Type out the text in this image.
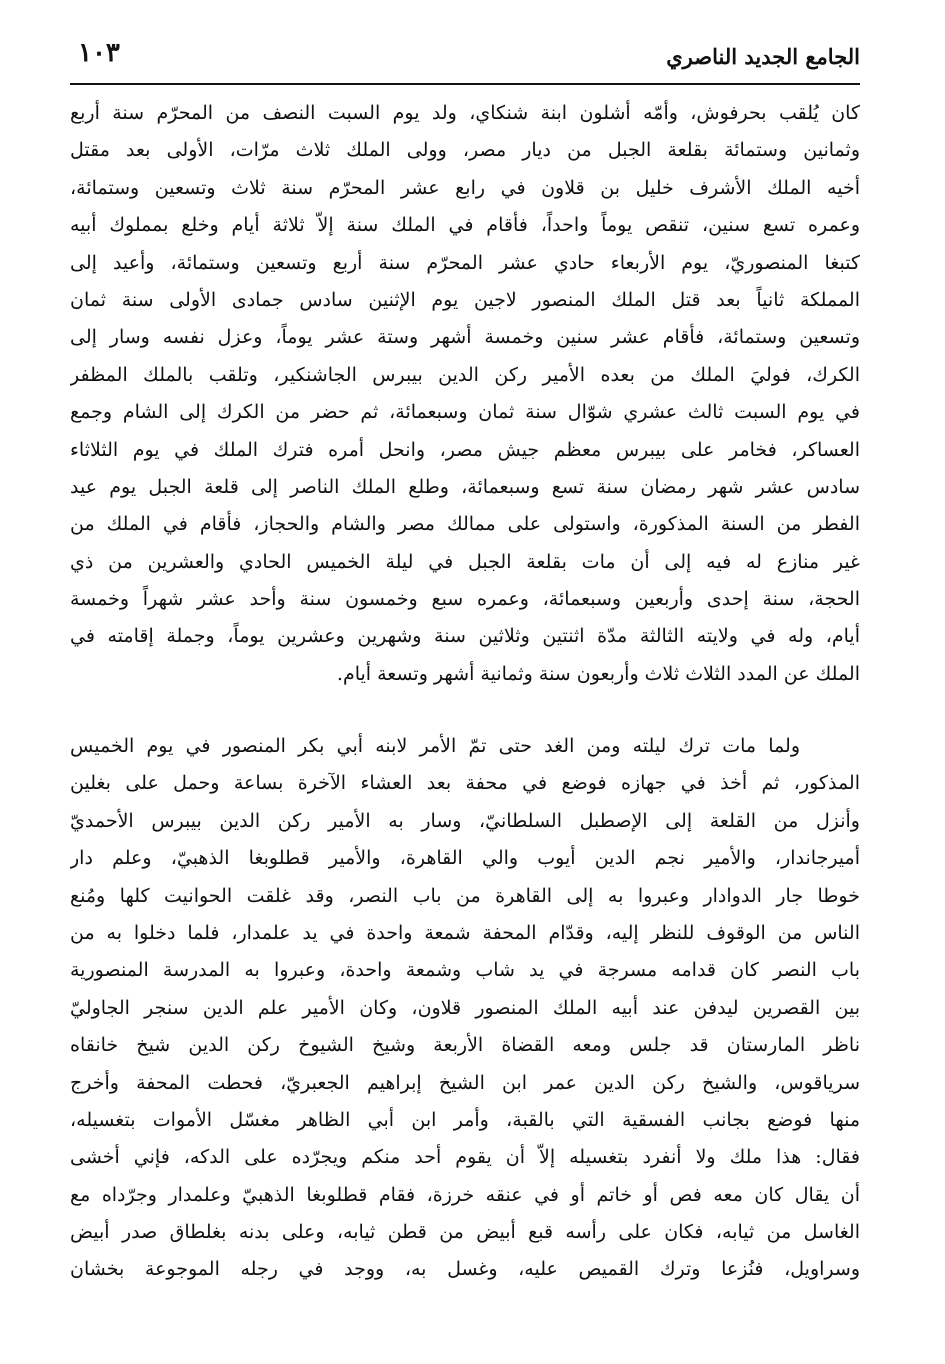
الجامع الجديد الناصري
١٠٣
كان يُلقب بحرفوش، وأمّه أشلون ابنة شنكاي، ولد يوم السبت النصف من المحرّم سنة أربع
وثمانين وستمائة بقلعة الجبل من ديار مصر، وولى الملك ثلاث مرّات، الأولى بعد مقتل
أخيه الملك الأشرف خليل بن قلاون في رابع عشر المحرّم سنة ثلاث وتسعين وستمائة،
وعمره تسع سنين، تنقص يوماً واحداً، فأقام في الملك سنة إلاّ ثلاثة أيام وخلع بمملوك أبيه
كتبغا المنصوريّ، يوم الأربعاء حادي عشر المحرّم سنة أربع وتسعين وستمائة، وأعيد إلى
المملكة ثانياً بعد قتل الملك المنصور لاجين يوم الإثنين سادس جمادى الأولى سنة ثمان
وتسعين وستمائة، فأقام عشر سنين وخمسة أشهر وستة عشر يوماً، وعزل نفسه وسار إلى
الكرك، فوليَ الملك من بعده الأمير ركن الدين بيبرس الجاشنكير، وتلقب بالملك المظفر
في يوم السبت ثالث عشري شوّال سنة ثمان وسبعمائة، ثم حضر من الكرك إلى الشام وجمع
العساكر، فخامر على بيبرس معظم جيش مصر، وانحل أمره فترك الملك في يوم الثلاثاء
سادس عشر شهر رمضان سنة تسع وسبعمائة، وطلع الملك الناصر إلى قلعة الجبل يوم عيد
الفطر من السنة المذكورة، واستولى على ممالك مصر والشام والحجاز، فأقام في الملك من
غير منازع له فيه إلى أن مات بقلعة الجبل في ليلة الخميس الحادي والعشرين من ذي
الحجة، سنة إحدى وأربعين وسبعمائة، وعمره سبع وخمسون سنة وأحد عشر شهراً وخمسة
أيام، وله في ولايته الثالثة مدّة اثنتين وثلاثين سنة وشهرين وعشرين يوماً، وجملة إقامته في
الملك عن المدد الثلاث ثلاث وأربعون سنة وثمانية أشهر وتسعة أيام.
ولما مات ترك ليلته ومن الغد حتى تمّ الأمر لابنه أبي بكر المنصور في يوم الخميس
المذكور، ثم أخذ في جهازه فوضع في محفة بعد العشاء الآخرة بساعة وحمل على بغلين
وأنزل من القلعة إلى الإصطبل السلطانيّ، وسار به الأمير ركن الدين بيبرس الأحمديّ
أميرجاندار، والأمير نجم الدين أيوب والي القاهرة، والأمير قطلوبغا الذهبيّ، وعلم دار
خوطا جار الدوادار وعبروا به إلى القاهرة من باب النصر، وقد غلقت الحوانيت كلها ومُنع
الناس من الوقوف للنظر إليه، وقدّام المحفة شمعة واحدة في يد علمدار، فلما دخلوا به من
باب النصر كان قدامه مسرجة في يد شاب وشمعة واحدة، وعبروا به المدرسة المنصورية
بين القصرين ليدفن عند أبيه الملك المنصور قلاون، وكان الأمير علم الدين سنجر الجاوليّ
ناظر المارستان قد جلس ومعه القضاة الأربعة وشيخ الشيوخ ركن الدين شيخ خانقاه
سرياقوس، والشيخ ركن الدين عمر ابن الشيخ إبراهيم الجعبريّ، فحطت المحفة وأخرج
منها فوضع بجانب الفسقية التي بالقبة، وأمر ابن أبي الظاهر مغسّل الأموات بتغسيله،
فقال: هذا ملك ولا أنفرد بتغسيله إلاّ أن يقوم أحد منكم ويجرّده على الدكه، فإني أخشى
أن يقال كان معه فص أو خاتم أو في عنقه خرزة، فقام قطلوبغا الذهبيّ وعلمدار وجرّداه مع
الغاسل من ثيابه، فكان على رأسه قبع أبيض من قطن ثيابه، وعلى بدنه بغلطاق صدر أبيض
وسراويل، فنُزعا وترك القميص عليه، وغسل به، ووجد في رجله الموجوعة بخشان
